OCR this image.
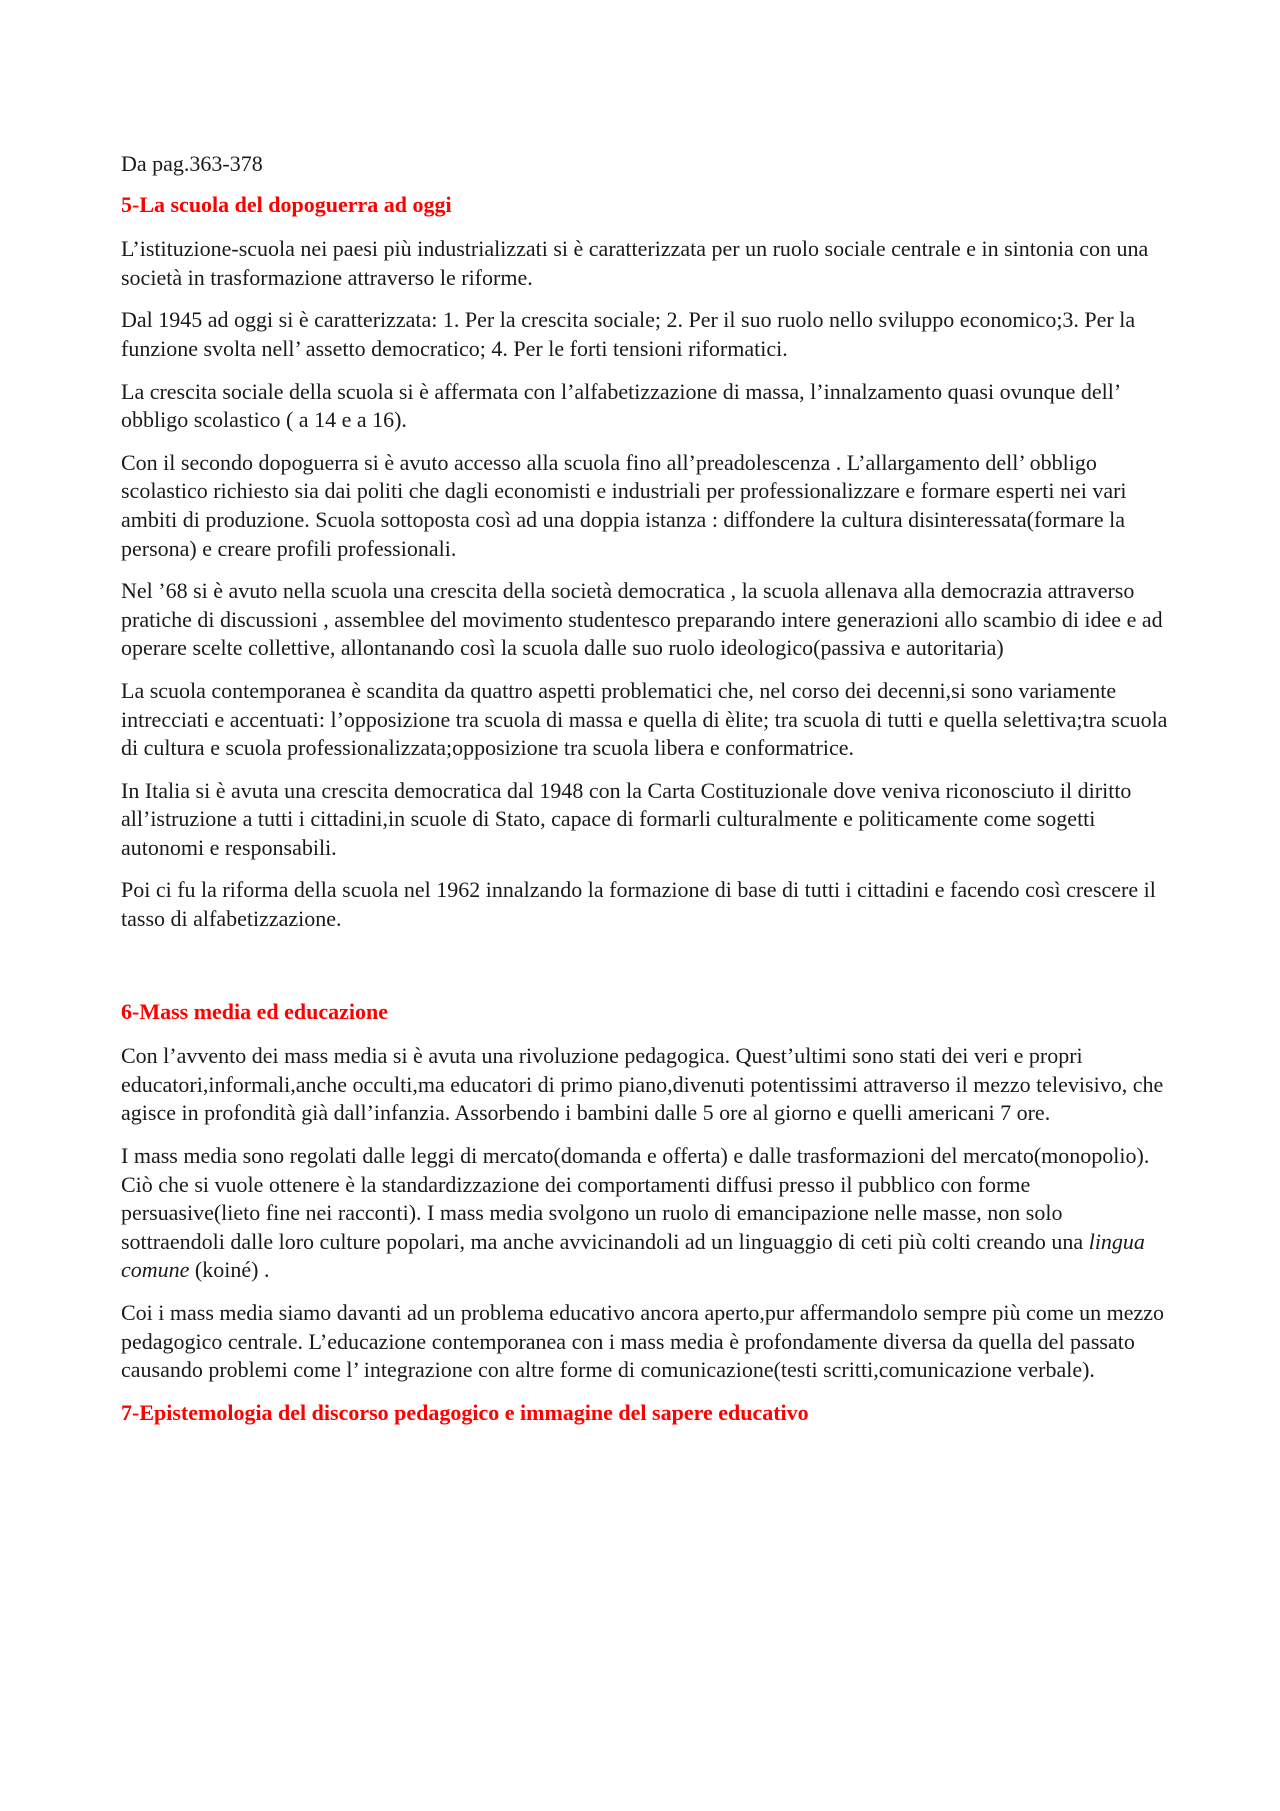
Da pag.363-378

5-La scuola del dopoguerra ad oggi

L’istituzione-scuola nei paesi più industrializzati si è caratterizzata per un ruolo sociale centrale e in sintonia con una società in trasformazione attraverso le riforme.

Dal 1945 ad oggi si è caratterizzata: 1. Per la crescita sociale; 2. Per il suo ruolo nello sviluppo economico;3. Per la funzione svolta nell’ assetto democratico; 4. Per le forti tensioni riformatici.

La crescita sociale della scuola si è affermata con l’alfabetizzazione di massa, l’innalzamento quasi ovunque dell’ obbligo scolastico ( a 14 e a 16).

Con il secondo dopoguerra si è avuto accesso alla scuola fino all’preadolescenza . L’allargamento dell’ obbligo scolastico richiesto sia dai politi che dagli economisti e industriali per professionalizzare e formare esperti nei vari ambiti di produzione. Scuola sottoposta così ad una doppia istanza : diffondere la cultura disinteressata(formare la persona) e creare profili professionali.

Nel ’68 si è avuto nella scuola una crescita della società democratica , la scuola allenava alla democrazia attraverso pratiche di discussioni , assemblee del movimento studentesco preparando intere generazioni allo scambio di idee e ad operare scelte collettive, allontanando così la scuola dalle suo ruolo ideologico(passiva e autoritaria)

La scuola contemporanea è scandita da quattro aspetti problematici che, nel corso dei decenni,si sono variamente intrecciati e accentuati: l’opposizione tra scuola di massa e quella di èlite; tra scuola di tutti e quella selettiva;tra scuola di cultura e scuola professionalizzata;opposizione tra scuola libera e conformatrice.

In Italia si è avuta una crescita democratica dal 1948 con la Carta Costituzionale dove veniva riconosciuto il diritto all’istruzione a tutti i cittadini,in scuole di Stato, capace di formarli culturalmente e politicamente come sogetti autonomi e responsabili.

Poi ci fu la riforma della scuola nel 1962 innalzando la formazione di base di tutti i cittadini e facendo così crescere il tasso di alfabetizzazione.

6-Mass media ed educazione

Con l’avvento dei mass media si è avuta una rivoluzione pedagogica. Quest’ultimi sono stati dei veri e propri educatori,informali,anche occulti,ma educatori di primo piano,divenuti potentissimi attraverso il mezzo televisivo, che agisce in profondità già dall’infanzia. Assorbendo i bambini dalle 5 ore al giorno e quelli americani 7 ore.

I mass media sono regolati dalle leggi di mercato(domanda e offerta) e dalle trasformazioni del mercato(monopolio). Ciò che si vuole ottenere è la standardizzazione dei comportamenti diffusi presso il pubblico con forme persuasive(lieto fine nei racconti). I mass media svolgono un ruolo di emancipazione nelle masse, non solo sottraendoli dalle loro culture popolari, ma anche avvicinandoli ad un linguaggio di ceti più colti creando una lingua comune (koiné) .

Coi i mass media siamo davanti ad un problema educativo ancora aperto,pur affermandolo sempre più come un mezzo pedagogico centrale. L’educazione contemporanea con i mass media è profondamente diversa da quella del passato causando problemi come l’ integrazione con altre forme di comunicazione(testi scritti,comunicazione verbale).

7-Epistemologia del discorso pedagogico e immagine del sapere educativo
